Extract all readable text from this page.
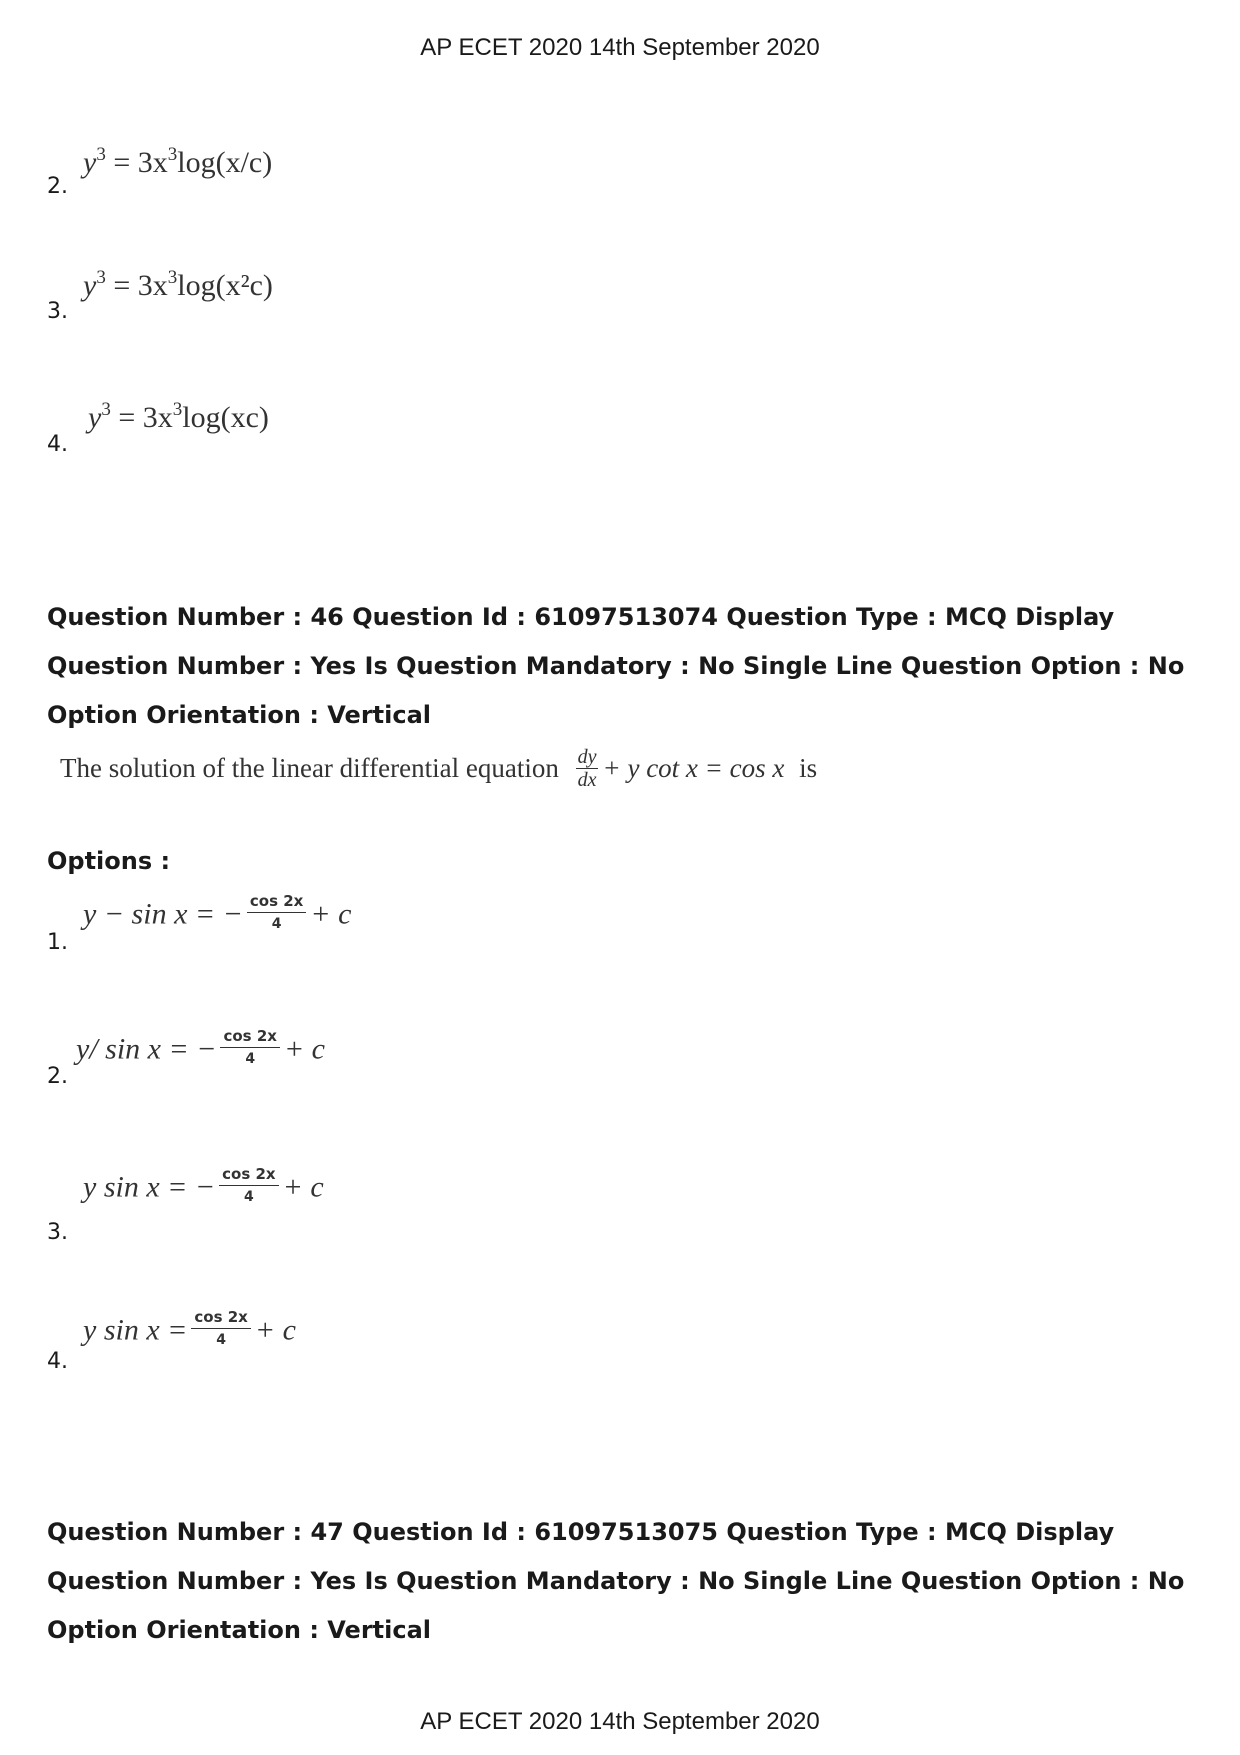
AP ECET 2020 14th September 2020
$y^3 = 3x^3\log(x/c)$
2.
$y^3 = 3x^3\log(x^2c)$
3.
$y^3 = 3x^3\log(xc)$
4.
Question Number : 46 Question Id : 61097513074 Question Type : MCQ Display Question Number : Yes Is Question Mandatory : No Single Line Question Option : No Option Orientation : Vertical
The solution of the linear differential equation $\frac{dy}{dx} + y$ cot x = cos x is
Options :
y − sin x = − $\frac{\cos 2x}{4} + c$
1.
y/ sin x = − $\frac{\cos 2x}{4} + c$
2.
y sin x = − $\frac{\cos 2x}{4} + c$
3.
y $\sin x = \frac{\cos 2x}{4} + c$
4.
Question Number : 47 Question Id : 61097513075 Question Type : MCQ Display Question Number : Yes Is Question Mandatory : No Single Line Question Option : No Option Orientation : Vertical
AP ECET 2020 14th September 2020
